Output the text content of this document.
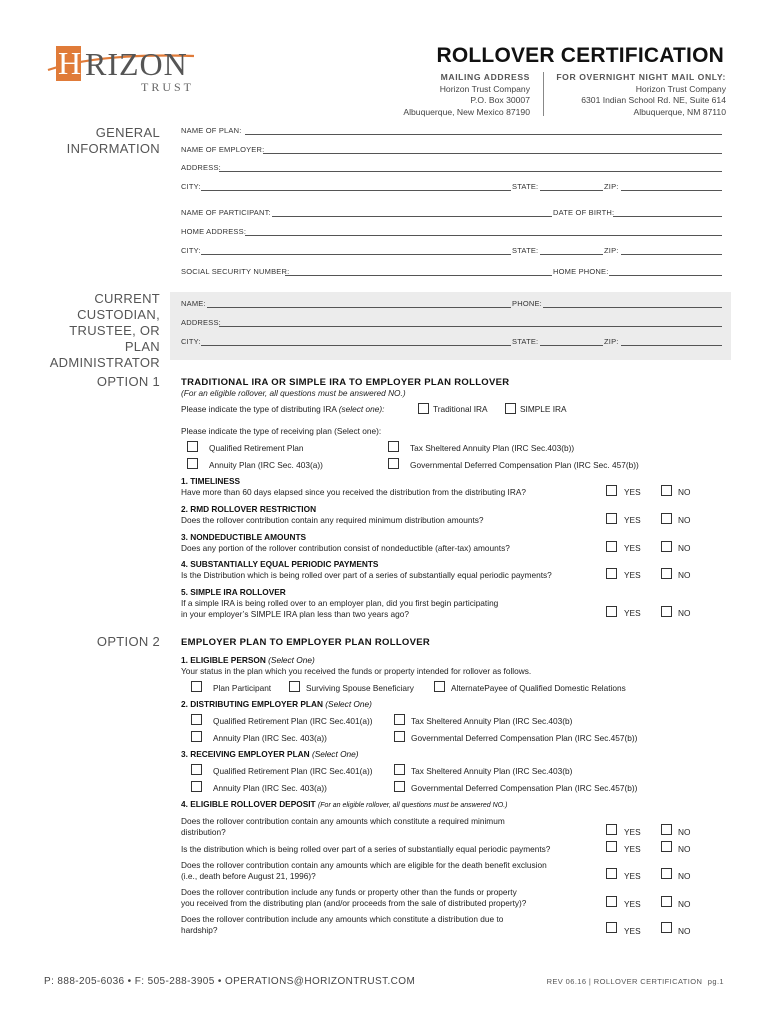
H RIZON
TRUST
ROLLOVER CERTIFICATION
MAILING ADDRESS
Horizon Trust Company
P.O. Box 30007
Albuquerque, New Mexico 87190
FOR OVERNIGHT NIGHT MAIL ONLY:
Horizon Trust Company
6301 Indian School Rd. NE, Suite 614
Albuquerque, NM 87110
GENERAL
INFORMATION
NAME OF PLAN:
NAME OF EMPLOYER:
ADDRESS:
CITY:	STATE:	ZIP:
NAME OF PARTICIPANT:	DATE OF BIRTH:
HOME ADDRESS:
CITY:	STATE:	ZIP:
SOCIAL SECURITY NUMBER:	HOME PHONE:
CURRENT
CUSTODIAN,
TRUSTEE, OR PLAN
ADMINISTRATOR
NAME:	PHONE:
ADDRESS:
CITY:	STATE:	ZIP:
OPTION 1 TRADITIONAL IRA OR SIMPLE IRA TO EMPLOYER PLAN ROLLOVER
(For an eligible rollover, all questions must be answered NO.)
Please indicate the type of distributing IRA (select one):	Traditional IRA	SIMPLE IRA
Please indicate the type of receiving plan (Select one):
Qualified Retirement Plan	Tax Sheltered Annuity Plan (IRC Sec.403(b))
Annuity Plan (IRC Sec. 403(a))	Governmental Deferred Compensation Plan (IRC Sec. 457(b))
1. TIMELINESS
Have more than 60 days elapsed since you received the distribution from the distributing IRA?	YES	NO
2. RMD ROLLOVER RESTRICTION
Does the rollover contribution contain any required minimum distribution amounts?	YES	NO
3. NONDEDUCTIBLE AMOUNTS
Does any portion of the rollover contribution consist of nondeductible (after-tax) amounts?	YES	NO
4. SUBSTANTIALLY EQUAL PERIODIC PAYMENTS
Is the Distribution which is being rolled over part of a series of substantially equal periodic payments?	YES	NO
5. SIMPLE IRA ROLLOVER
If a simple IRA is being rolled over to an employer plan, did you first begin participating
in your employer’s SIMPLE IRA plan less than two years ago?	YES	NO
OPTION 2 EMPLOYER PLAN TO EMPLOYER PLAN ROLLOVER
1. ELIGIBLE PERSON (Select One)
Your status in the plan which you received the funds or property intended for rollover as follows.
Plan Participant	Surviving Spouse Beneficiary	AlternatePayee of Qualified Domestic Relations
2. DISTRIBUTING EMPLOYER PLAN (Select One)
Qualified Retirement Plan (IRC Sec.401(a))	Tax Sheltered Annuity Plan (IRC Sec.403(b)
Annuity Plan (IRC Sec. 403(a))	Governmental Deferred Compensation Plan (IRC Sec.457(b))
3. RECEIVING EMPLOYER PLAN (Select One)
Qualified Retirement Plan (IRC Sec.401(a))	Tax Sheltered Annuity Plan (IRC Sec.403(b)
Annuity Plan (IRC Sec. 403(a))	Governmental Deferred Compensation Plan (IRC Sec.457(b))
4. ELIGIBLE ROLLOVER DEPOSIT (For an eligible rollover, all questions must be answered NO.)
Does the rollover contribution contain any amounts which constitute a required minimum
distribution?	YES	NO
Is the distribution which is being rolled over part of a series of substantially equal periodic payments?	YES	NO
Does the rollover contribution contain any amounts which are eligible for the death benefit exclusion
(i.e., death before August 21, 1996)?	YES	NO
Does the rollover contribution include any funds or property other than the funds or property
you received from the distributing plan (and/or proceeds from the sale of distributed property)?	YES	NO
Does the rollover contribution include any amounts which constitute a distribution due to
hardship?	YES	NO
P: 888-205-6036 • F: 505-288-3905 • OPERATIONS@HORIZONTRUST.COM	REV 06.16 | ROLLOVER CERTIFICATION pg.1
